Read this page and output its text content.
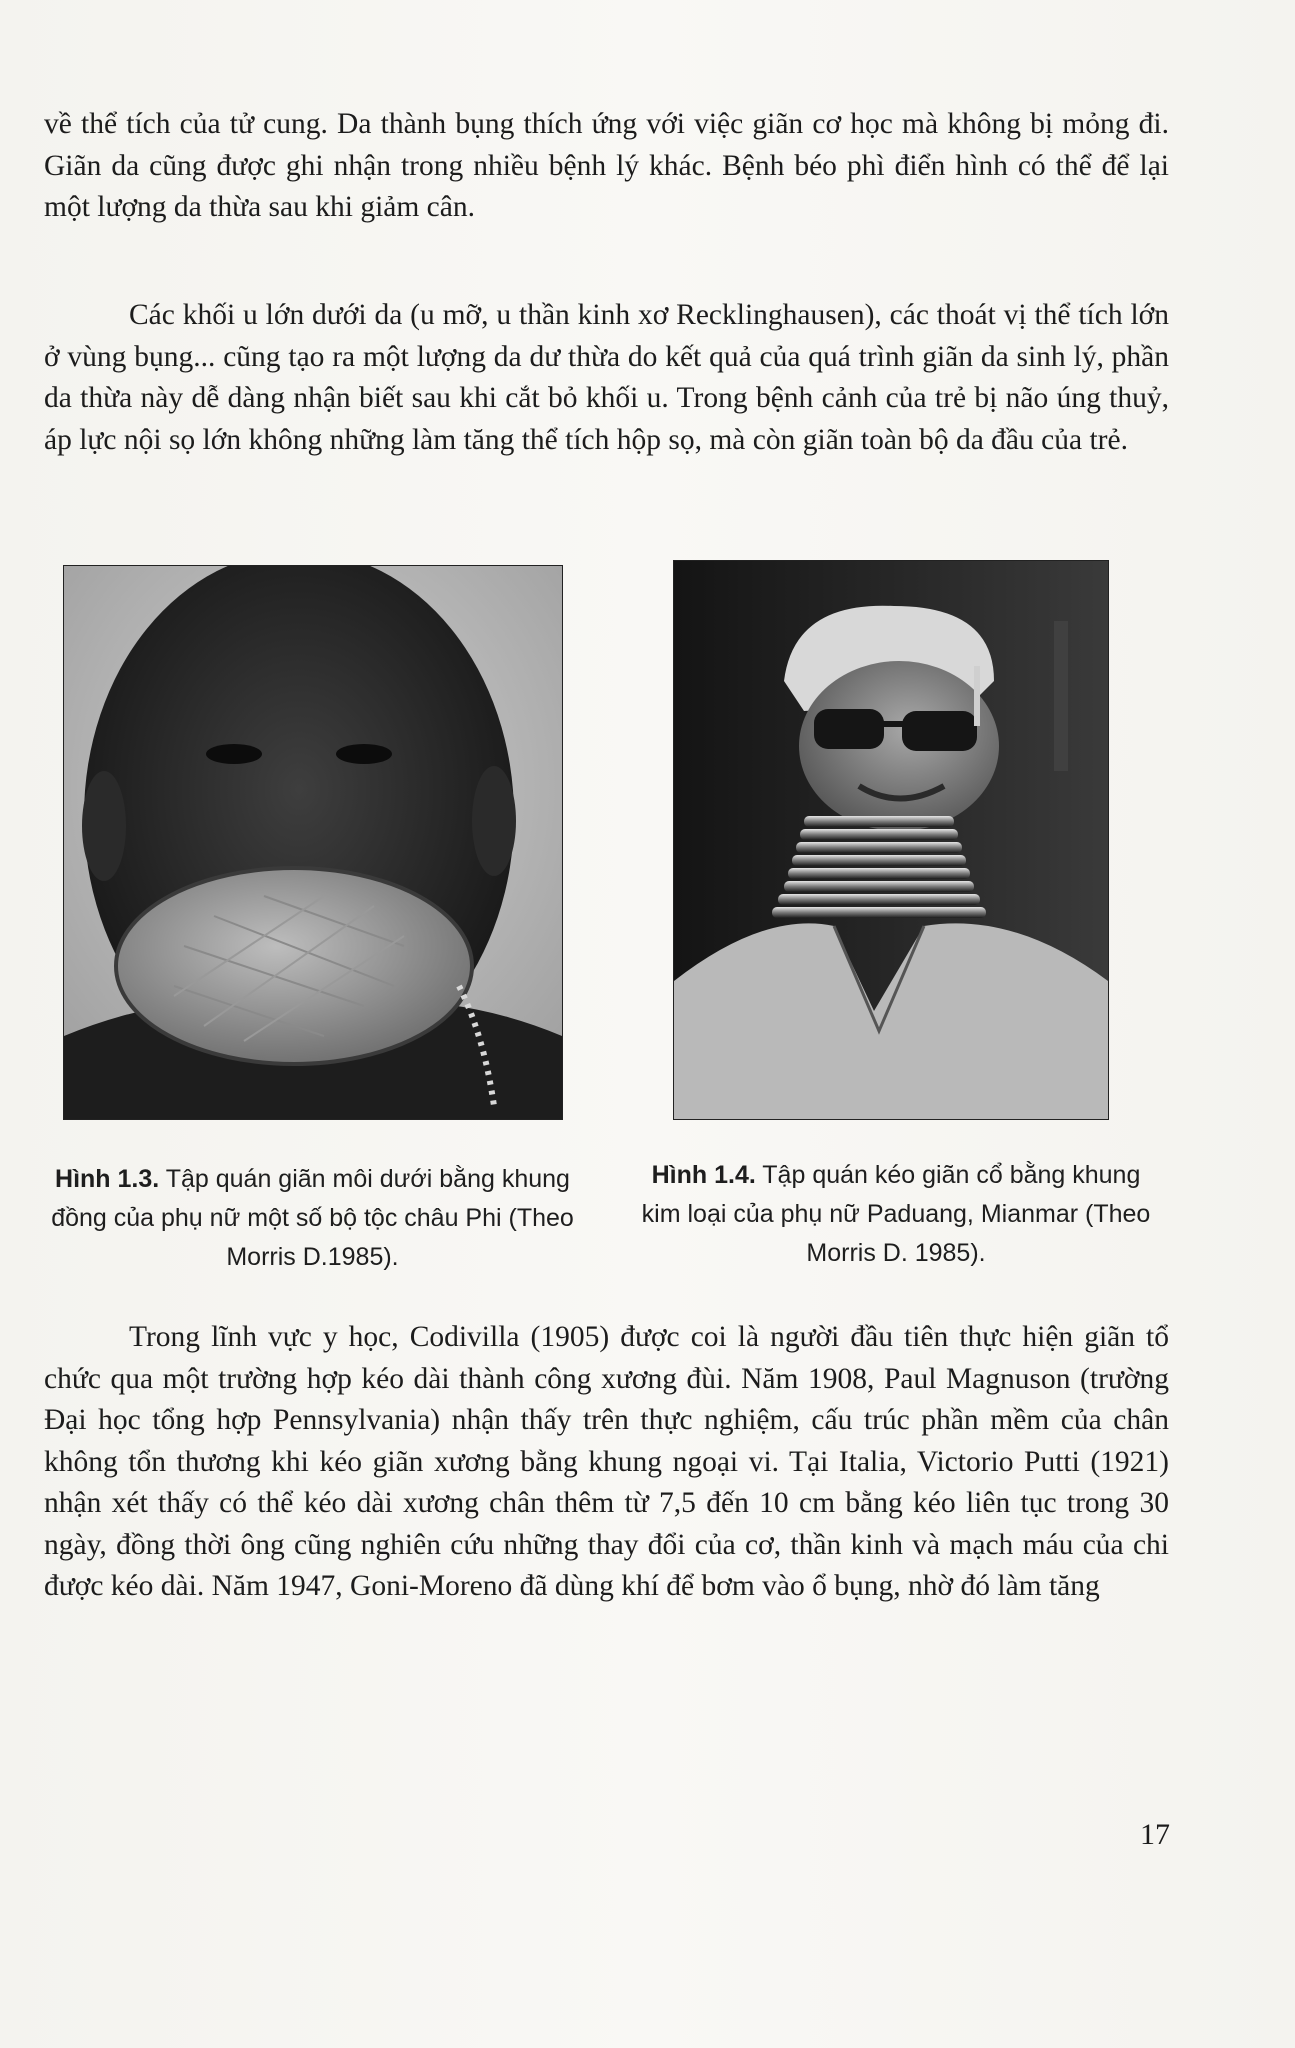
về thể tích của tử cung. Da thành bụng thích ứng với việc giãn cơ học mà không bị mỏng đi. Giãn da cũng được ghi nhận trong nhiều bệnh lý khác. Bệnh béo phì điển hình có thể để lại một lượng da thừa sau khi giảm cân.

Các khối u lớn dưới da (u mỡ, u thần kinh xơ Recklinghausen), các thoát vị thể tích lớn ở vùng bụng... cũng tạo ra một lượng da dư thừa do kết quả của quá trình giãn da sinh lý, phần da thừa này dễ dàng nhận biết sau khi cắt bỏ khối u. Trong bệnh cảnh của trẻ bị não úng thuỷ, áp lực nội sọ lớn không những làm tăng thể tích hộp sọ, mà còn giãn toàn bộ da đầu của trẻ.

Hình 1.3. Tập quán giãn môi dưới bằng khung đồng của phụ nữ một số bộ tộc châu Phi (Theo Morris D.1985).

Hình 1.4. Tập quán kéo giãn cổ bằng khung kim loại của phụ nữ Paduang, Mianmar (Theo Morris D. 1985).

Trong lĩnh vực y học, Codivilla (1905) được coi là người đầu tiên thực hiện giãn tổ chức qua một trường hợp kéo dài thành công xương đùi. Năm 1908, Paul Magnuson (trường Đại học tổng hợp Pennsylvania) nhận thấy trên thực nghiệm, cấu trúc phần mềm của chân không tổn thương khi kéo giãn xương bằng khung ngoại vi. Tại Italia, Victorio Putti (1921) nhận xét thấy có thể kéo dài xương chân thêm từ 7,5 đến 10 cm bằng kéo liên tục trong 30 ngày, đồng thời ông cũng nghiên cứu những thay đổi của cơ, thần kinh và mạch máu của chi được kéo dài. Năm 1947, Goni-Moreno đã dùng khí để bơm vào ổ bụng, nhờ đó làm tăng

17
